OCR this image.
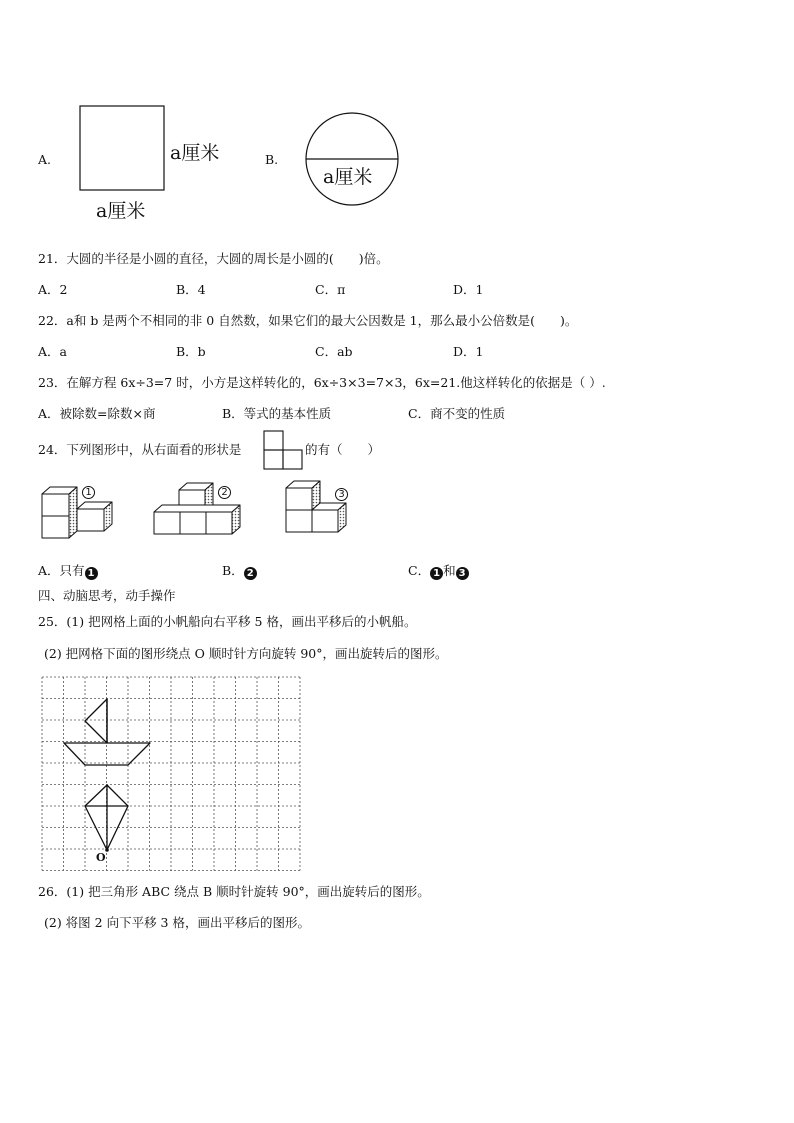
A.	a厘米
a厘米
B.
a厘米
21．大圆的半径是小圆的直径，大圆的周长是小圆的(　　)倍。
A．2	B．4	C．π	D．1
22．a和 b 是两个不相同的非 0 自然数，如果它们的最大公因数是 1，那么最小公倍数是(　　)。
A．a	B．b	C．ab	D．1
23．在解方程 6x÷3=7 时，小方是这样转化的，6x÷3×3=7×3，6x=21.他这样转化的依据是（ ）.
A．被除数=除数×商	B．等式的基本性质	C．商不变的性质
24．下列图形中，从右面看的形状是	的有（　　）
1	2	3
A．只有 1	B． 2	C． 1 和 3
四、动脑思考，动手操作
25．(1) 把网格上面的小帆船向右平移 5 格，画出平移后的小帆船。
(2) 把网格下面的图形绕点 O 顺时针方向旋转 90°，画出旋转后的图形。
O
26．(1) 把三角形 ABC 绕点 B 顺时针旋转 90°，画出旋转后的图形。
(2) 将图 2 向下平移 3 格，画出平移后的图形。
